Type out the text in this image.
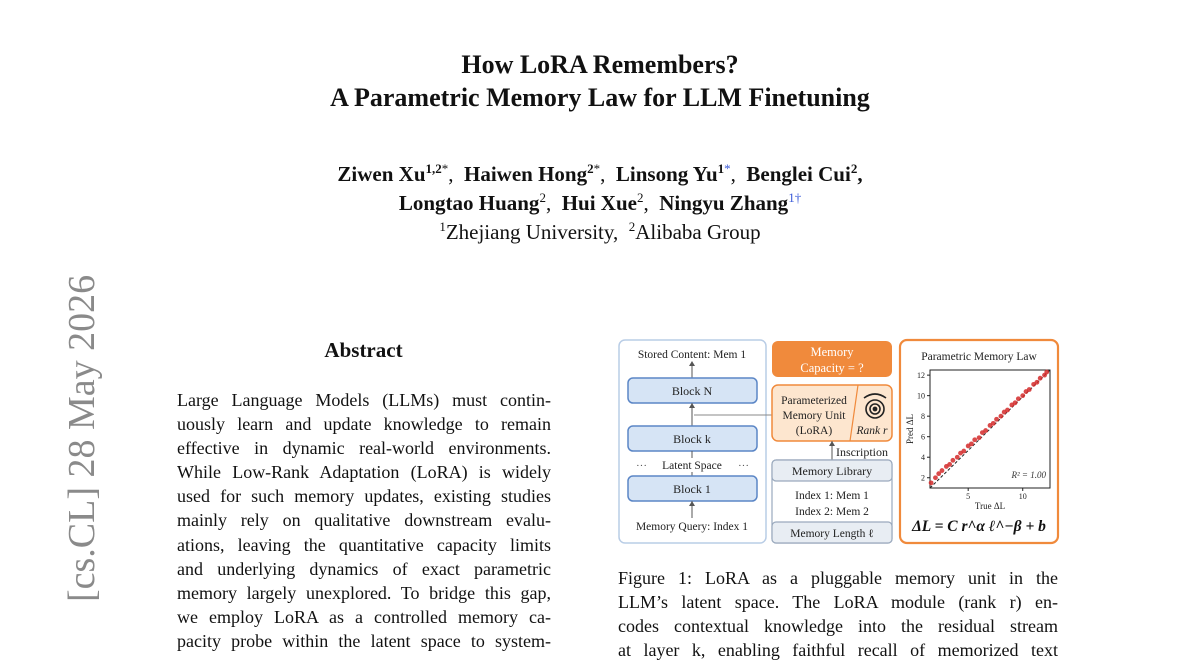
How LoRA Remembers?
A Parametric Memory Law for LLM Finetuning
Ziwen $Xu^{1,2*}$,  Haiwen Hong$^{2*}$,  Linsong $Yu^{1*}$,  Benglei Cui$^2$,
Longtao Huang$^2$,  Hui Xue$^2$,  Ningyu Zhang$^{1\dagger}$
$^1$Zhejiang University, $^2$Alibaba Group
[cs.CL] 28 May 2026	Abstract
Large Language Models (LLMs) must contin-
uously learn and update knowledge to remain
effective in dynamic real-world environments.
While Low-Rank Adaptation (LoRA) is widely
used for such memory updates, existing studies
mainly rely on qualitative downstream evalu-
ations, leaving the quantitative capacity limits
and underlying dynamics of exact parametric
memory largely unexplored. To bridge this gap,
we employ LoRA as a controlled memory ca-
pacity probe within the latent space to system-
Stored Content: Mem 1
Block N
Block k
Latent Space
···	···
Block 1
Memory Query: Index 1
Memory
Capacity = ?
Parameterized
Memory Unit
(LoRA) Rank r
Inscription
Memory Library
Index 1: Mem 1
Index 2: Mem 2
Memory Length ℓ
Parametric Memory Law
2
4
6
8
10
12
5	10
True ΔL
Pred ΔL
R² = 1.00
ΔL = C r^α ℓ^−β + b
Figure 1: LoRA as a pluggable memory unit in the
LLM’s latent space. The LoRA module (rank r) en-
codes contextual knowledge into the residual stream
at layer k, enabling faithful recall of memorized text
